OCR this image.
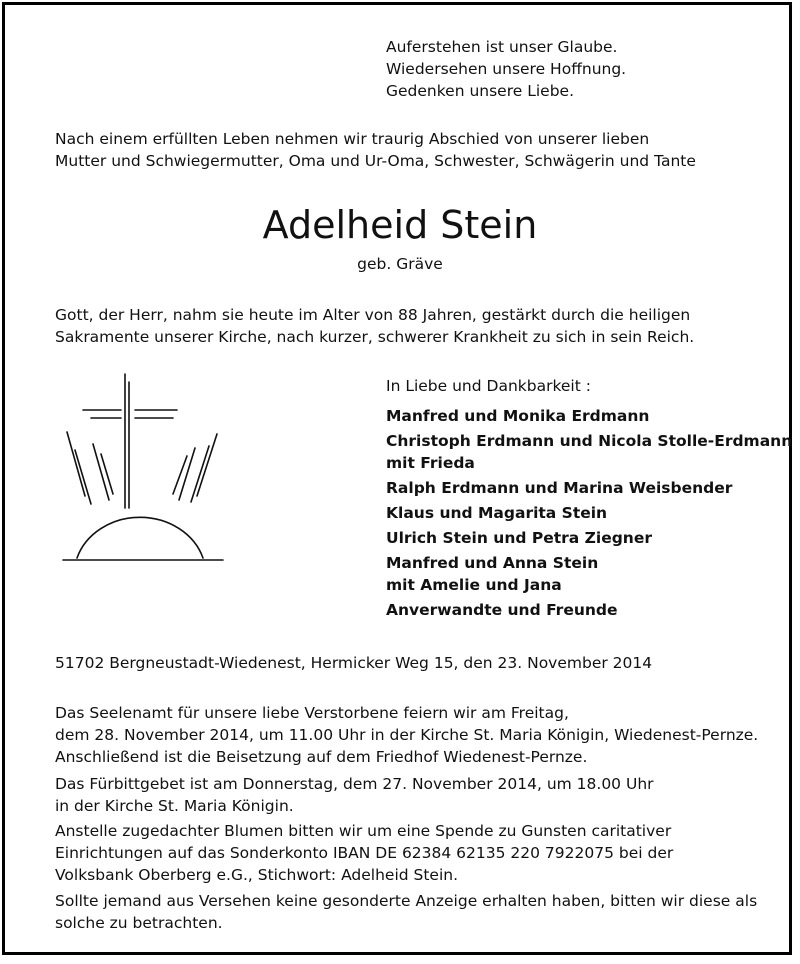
Auferstehen ist unser Glaube.
Wiedersehen unsere Hoffnung.
Gedenken unsere Liebe.

Nach einem erfüllten Leben nehmen wir traurig Abschied von unserer lieben
Mutter und Schwiegermutter, Oma und Ur-Oma, Schwester, Schwägerin und Tante

Adelheid Stein
geb. Gräve

Gott, der Herr, nahm sie heute im Alter von 88 Jahren, gestärkt durch die heiligen
Sakramente unserer Kirche, nach kurzer, schwerer Krankheit zu sich in sein Reich.

In Liebe und Dankbarkeit :

Manfred und Monika Erdmann
Christoph Erdmann und Nicola Stolle-Erdmann
mit Frieda
Ralph Erdmann und Marina Weisbender
Klaus und Magarita Stein
Ulrich Stein und Petra Ziegner
Manfred und Anna Stein
mit Amelie und Jana
Anverwandte und Freunde

51702 Bergneustadt-Wiedenest, Hermicker Weg 15, den 23. November 2014

Das Seelenamt für unsere liebe Verstorbene feiern wir am Freitag,
dem 28. November 2014, um 11.00 Uhr in der Kirche St. Maria Königin, Wiedenest-Pernze.
Anschließend ist die Beisetzung auf dem Friedhof Wiedenest-Pernze.

Das Fürbittgebet ist am Donnerstag, dem 27. November 2014, um 18.00 Uhr
in der Kirche St. Maria Königin.

Anstelle zugedachter Blumen bitten wir um eine Spende zu Gunsten caritativer
Einrichtungen auf das Sonderkonto IBAN DE 62384 62135 220 7922075 bei der
Volksbank Oberberg e.G., Stichwort: Adelheid Stein.

Sollte jemand aus Versehen keine gesonderte Anzeige erhalten haben, bitten wir diese als
solche zu betrachten.
